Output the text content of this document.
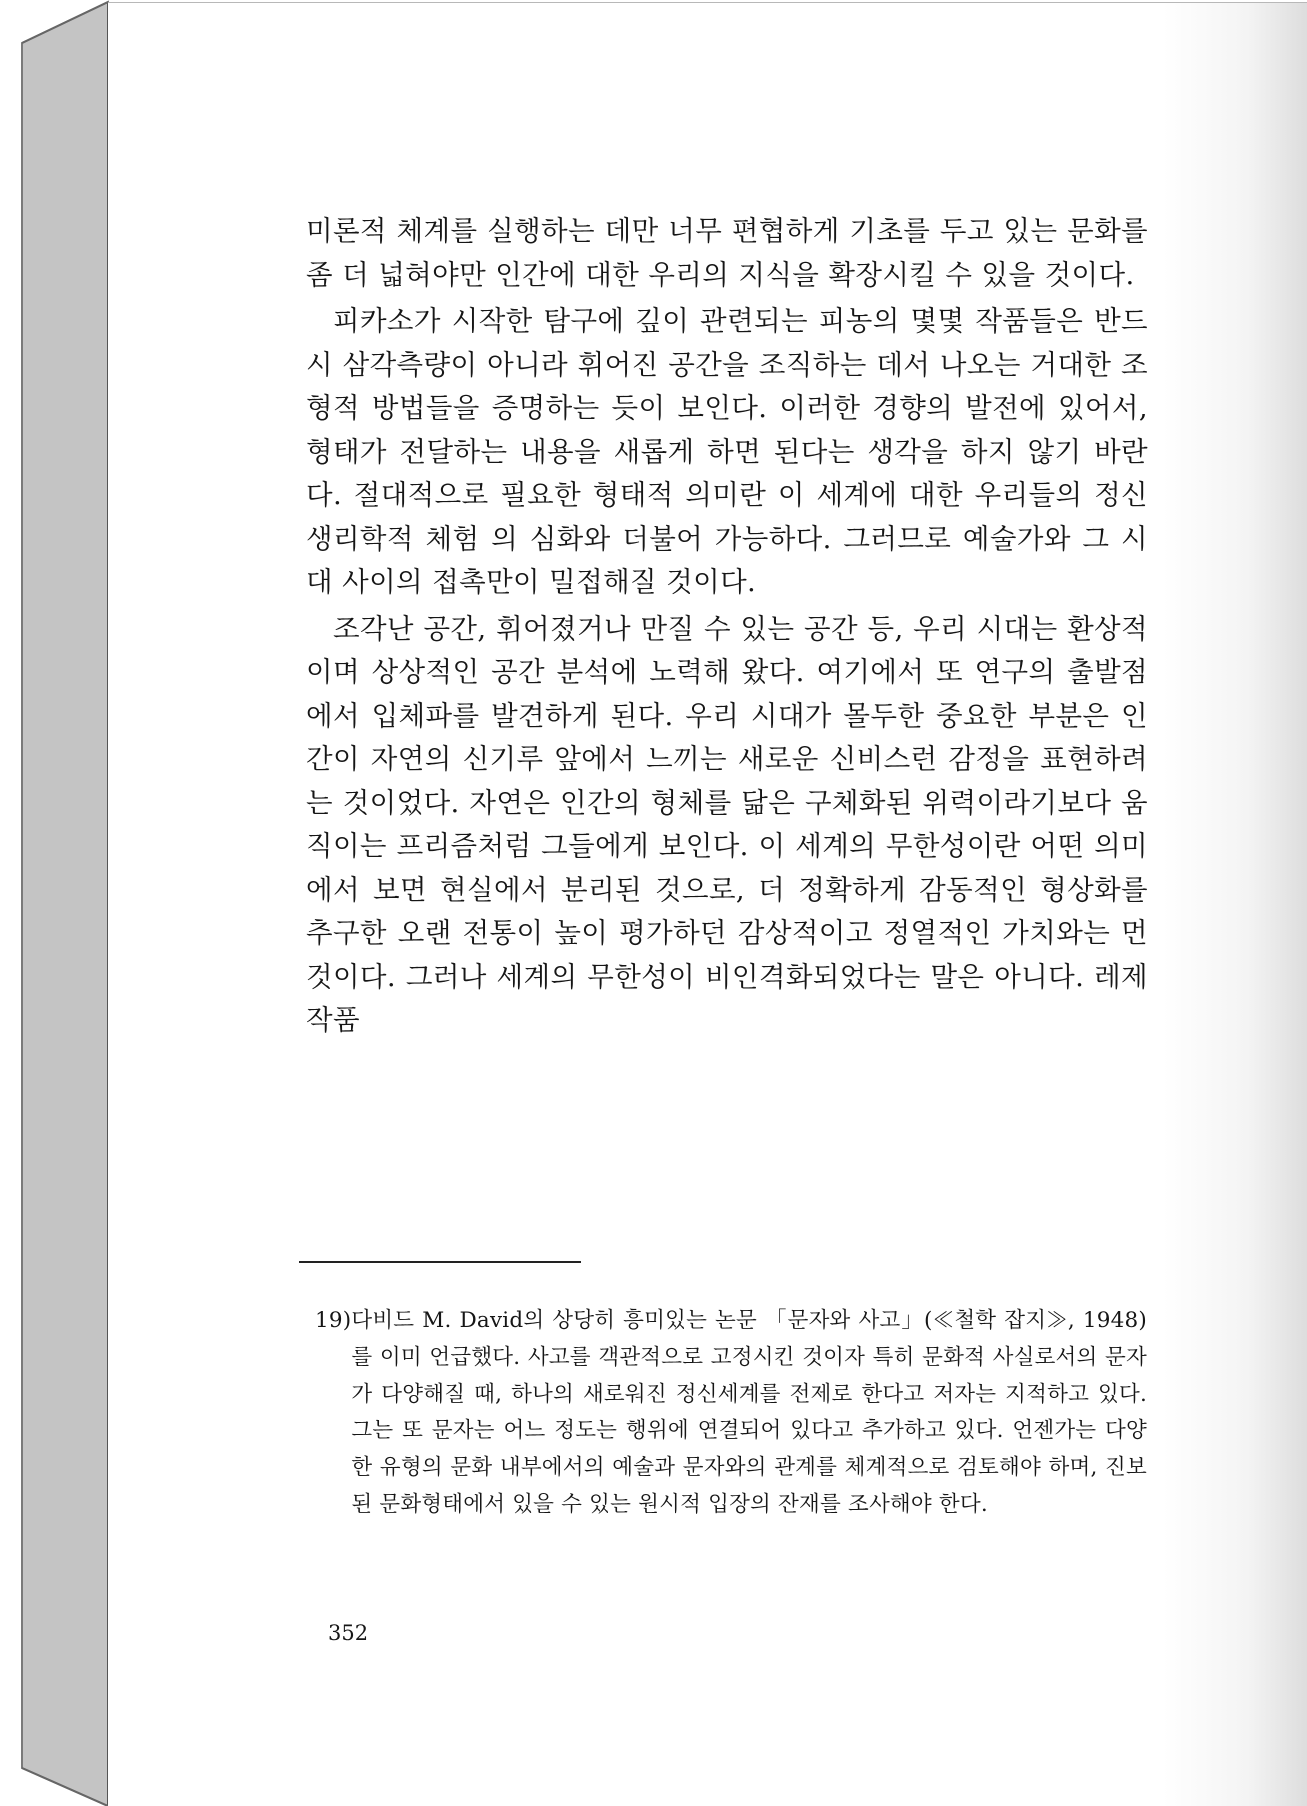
미론적 체계를 실행하는 데만 너무 편협하게 기초를 두고 있는 문화를 좀 더 넓혀야만 인간에 대한 우리의 지식을 확장시킬 수 있을 것이다.

피카소가 시작한 탐구에 깊이 관련되는 피농의 몇몇 작품들은 반드시 삼각측량이 아니라 휘어진 공간을 조직하는 데서 나오는 거대한 조형적 방법들을 증명하는 듯이 보인다. 이러한 경향의 발전에 있어서, 형태가 전달하는 내용을 새롭게 하면 된다는 생각을 하지 않기 바란다. 절대적으로 필요한 형태적 의미란 이 세계에 대한 우리들의 정신생리학적 체험 의 심화와 더불어 가능하다. 그러므로 예술가와 그 시대 사이의 접촉만이 밀접해질 것이다.

조각난 공간, 휘어졌거나 만질 수 있는 공간 등, 우리 시대는 환상적이며 상상적인 공간 분석에 노력해 왔다. 여기에서 또 연구의 출발점에서 입체파를 발견하게 된다. 우리 시대가 몰두한 중요한 부분은 인간이 자연의 신기루 앞에서 느끼는 새로운 신비스런 감정을 표현하려는 것이었다. 자연은 인간의 형체를 닮은 구체화된 위력이라기보다 움직이는 프리즘처럼 그들에게 보인다. 이 세계의 무한성이란 어떤 의미에서 보면 현실에서 분리된 것으로, 더 정확하게 감동적인 형상화를 추구한 오랜 전통이 높이 평가하던 감상적이고 정열적인 가치와는 먼 것이다. 그러나 세계의 무한성이 비인격화되었다는 말은 아니다. 레제 작품

19) 다비드 M. David의 상당히 흥미있는 논문 「문자와 사고」(≪철학 잡지≫, 1948)를 이미 언급했다. 사고를 객관적으로 고정시킨 것이자 특히 문화적 사실로서의 문자가 다양해질 때, 하나의 새로워진 정신세계를 전제로 한다고 저자는 지적하고 있다. 그는 또 문자는 어느 정도는 행위에 연결되어 있다고 추가하고 있다. 언젠가는 다양한 유형의 문화 내부에서의 예술과 문자와의 관계를 체계적으로 검토해야 하며, 진보된 문화형태에서 있을 수 있는 원시적 입장의 잔재를 조사해야 한다.
352
